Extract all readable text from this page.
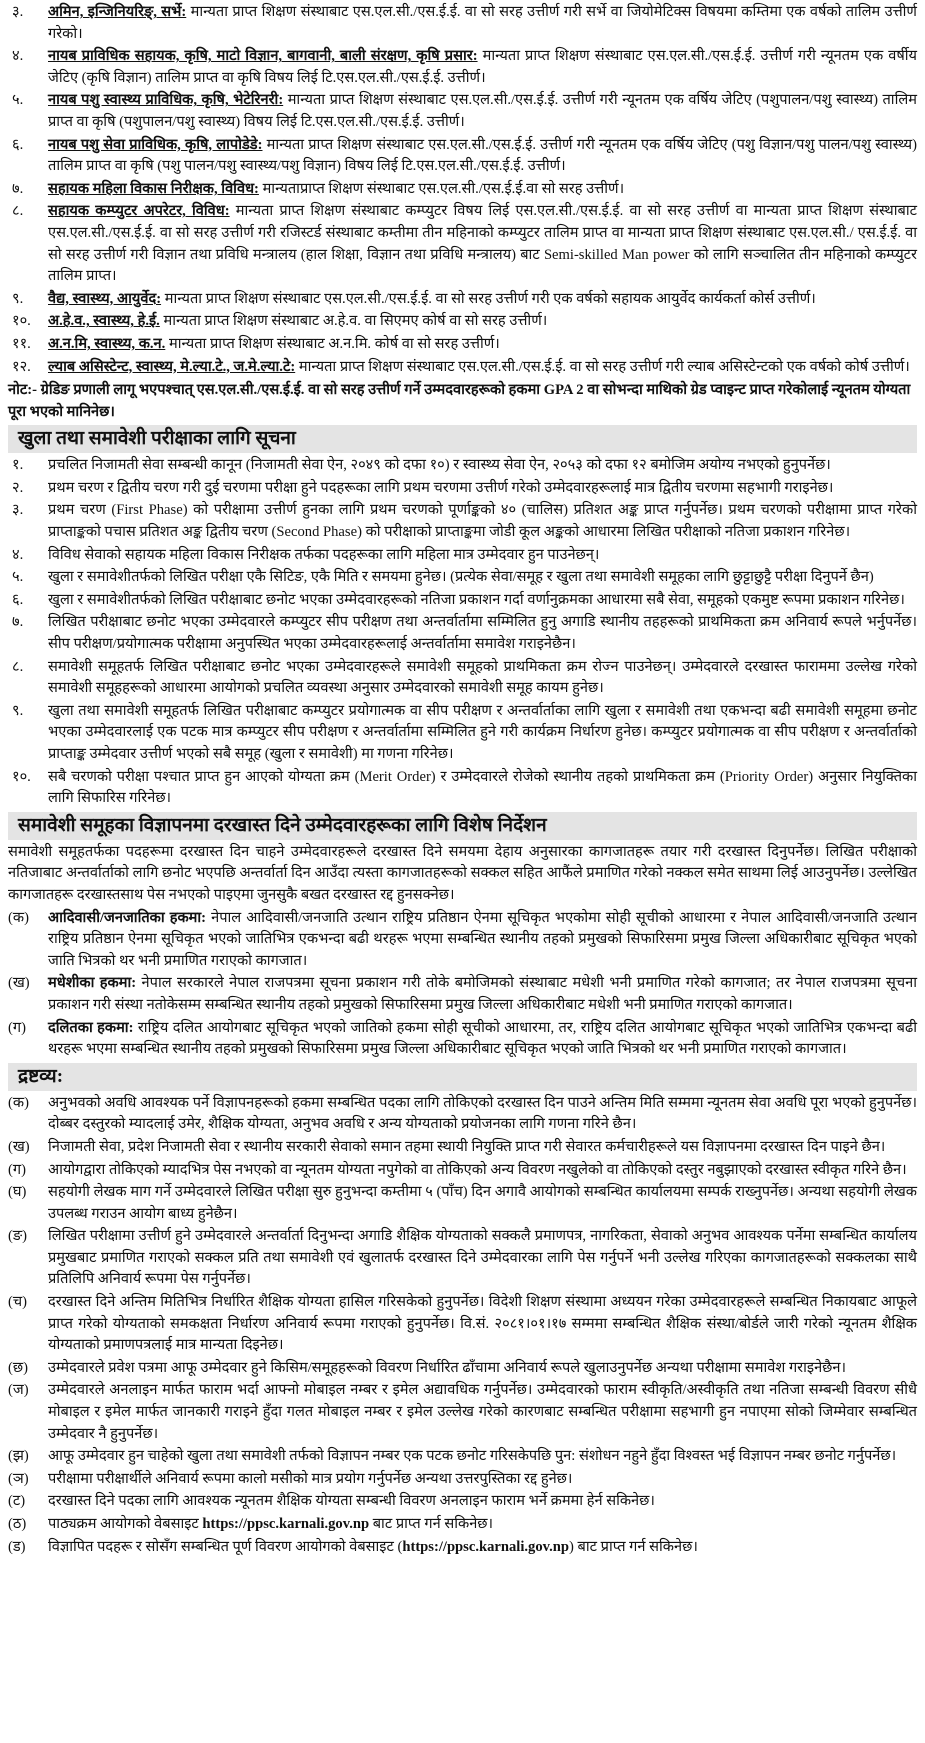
३.	अमिन, इन्जिनियरिङ्, सर्भे: मान्यता प्राप्त शिक्षण संस्थाबाट एस.एल.सी./एस.ई.ई. वा सो सरह उत्तीर्ण गरी सर्भे वा जियोमेटिक्स विषयमा कम्तिमा एक वर्षको तालिम उत्तीर्ण गरेको।
४.	नायब प्राविधिक सहायक, कृषि, माटो विज्ञान, बागवानी, बाली संरक्षण, कृषि प्रसार: मान्यता प्राप्त शिक्षण संस्थाबाट एस.एल.सी./एस.ई.ई. उत्तीर्ण गरी न्यूनतम एक वर्षीय जेटिए (कृषि विज्ञान) तालिम प्राप्त वा कृषि विषय लिई टि.एस.एल.सी./एस.ई.ई. उत्तीर्ण।
५.	नायब पशु स्वास्थ्य प्राविधिक, कृषि, भेटेरिनरी: मान्यता प्राप्त शिक्षण संस्थाबाट एस.एल.सी./एस.ई.ई. उत्तीर्ण गरी न्यूनतम एक वर्षिय जेटिए (पशुपालन/पशु स्वास्थ्य) तालिम प्राप्त वा कृषि (पशुपालन/पशु स्वास्थ्य) विषय लिई टि.एस.एल.सी./एस.ई.ई. उत्तीर्ण।
६.	नायब पशु सेवा प्राविधिक, कृषि, लापोडेडे: मान्यता प्राप्त शिक्षण संस्थाबाट एस.एल.सी./एस.ई.ई. उत्तीर्ण गरी न्यूनतम एक वर्षिय जेटिए (पशु विज्ञान/पशु पालन/पशु स्वास्थ्य) तालिम प्राप्त वा कृषि (पशु पालन/पशु स्वास्थ्य/पशु विज्ञान) विषय लिई टि.एस.एल.सी./एस.ई.ई. उत्तीर्ण।
७.	सहायक महिला विकास निरीक्षक, विविध: मान्यताप्राप्त शिक्षण संस्थाबाट एस.एल.सी./एस.ई.ई.वा सो सरह उत्तीर्ण।
८.	सहायक कम्प्युटर अपरेटर, विविध: मान्यता प्राप्त शिक्षण संस्थाबाट कम्प्युटर विषय लिई एस.एल.सी./एस.ई.ई. वा सो सरह उत्तीर्ण वा मान्यता प्राप्त शिक्षण संस्थाबाट एस.एल.सी./एस.ई.ई. वा सो सरह उत्तीर्ण गरी रजिस्टर्ड संस्थाबाट कम्तीमा तीन महिनाको कम्प्युटर तालिम प्राप्त वा मान्यता प्राप्त शिक्षण संस्थाबाट एस.एल.सी./ एस.ई.ई. वा सो सरह उत्तीर्ण गरी विज्ञान तथा प्रविधि मन्त्रालय (हाल शिक्षा, विज्ञान तथा प्रविधि मन्त्रालय) बाट Semi-skilled Man power को लागि सञ्चालित तीन महिनाको कम्प्युटर तालिम प्राप्त।
९.	वैद्य, स्वास्थ्य, आयुर्वेद: मान्यता प्राप्त शिक्षण संस्थाबाट एस.एल.सी./एस.ई.ई. वा सो सरह उत्तीर्ण गरी एक वर्षको सहायक आयुर्वेद कार्यकर्ता कोर्स उत्तीर्ण।
१०.	अ.हे.व., स्वास्थ्य, हे.ई. मान्यता प्राप्त शिक्षण संस्थाबाट अ.हे.व. वा सिएमए कोर्ष वा सो सरह उत्तीर्ण।
११.	अ.न.मि, स्वास्थ्य, क.न. मान्यता प्राप्त शिक्षण संस्थाबाट अ.न.मि. कोर्ष वा सो सरह उत्तीर्ण।
१२.	ल्याब असिस्टेन्ट, स्वास्थ्य, मे.ल्या.टे., ज.मे.ल्या.टे: मान्यता प्राप्त शिक्षण संस्थाबाट एस.एल.सी./एस.ई.ई. वा सो सरह उत्तीर्ण गरी ल्याब असिस्टेन्टको एक वर्षको कोर्ष उत्तीर्ण।
नोट:- ग्रेडिङ प्रणाली लागू भएपश्चात् एस.एल.सी./एस.ई.ई. वा सो सरह उत्तीर्ण गर्ने उम्मदवारहरूको हकमा GPA 2 वा सोभन्दा माथिको ग्रेड प्वाइन्ट प्राप्त गरेकोलाई न्यूनतम योग्यता पूरा भएको मानिनेछ।
खुला तथा समावेशी परीक्षाका लागि सूचना
१.	प्रचलित निजामती सेवा सम्बन्धी कानून (निजामती सेवा ऐन, २०४९ को दफा १०) र स्वास्थ्य सेवा ऐन, २०५३ को दफा १२ बमोजिम अयोग्य नभएको हुनुपर्नेछ।
२.	प्रथम चरण र द्वितीय चरण गरी दुई चरणमा परीक्षा हुने पदहरूका लागि प्रथम चरणमा उत्तीर्ण गरेको उम्मेदवारहरूलाई मात्र द्वितीय चरणमा सहभागी गराइनेछ।
३.	प्रथम चरण (First Phase) को परीक्षामा उत्तीर्ण हुनका लागि प्रथम चरणको पूर्णाङ्कको ४० (चालिस) प्रतिशत अङ्क प्राप्त गर्नुपर्नेछ। प्रथम चरणको परीक्षामा प्राप्त गरेको प्राप्ताङ्कको पचास प्रतिशत अङ्क द्वितीय चरण (Second Phase) को परीक्षाको प्राप्ताङ्कमा जोडी कूल अङ्कको आधारमा लिखित परीक्षाको नतिजा प्रकाशन गरिनेछ।
४.	विविध सेवाको सहायक महिला विकास निरीक्षक तर्फका पदहरूका लागि महिला मात्र उम्मेदवार हुन पाउनेछन्।
५.	खुला र समावेशीतर्फको लिखित परीक्षा एकै सिटिङ, एकै मिति र समयमा हुनेछ। (प्रत्येक सेवा/समूह र खुला तथा समावेशी समूहका लागि छुट्टाछुट्टै परीक्षा दिनुपर्ने छैन)
६.	खुला र समावेशीतर्फको लिखित परीक्षाबाट छनोट भएका उम्मेदवारहरूको नतिजा प्रकाशन गर्दा वर्णानुक्रमका आधारमा सबै सेवा, समूहको एकमुष्ट रूपमा प्रकाशन गरिनेछ।
७.	लिखित परीक्षाबाट छनोट भएका उम्मेदवारले कम्प्युटर सीप परीक्षण तथा अन्तर्वार्तामा सम्मिलित हुनु अगाडि स्थानीय तहहरूको प्राथमिकता क्रम अनिवार्य रूपले भर्नुपर्नेछ। सीप परीक्षण/प्रयोगात्मक परीक्षामा अनुपस्थित भएका उम्मेदवारहरूलाई अन्तर्वार्तामा समावेश गराइनेछैन।
८.	समावेशी समूहतर्फ लिखित परीक्षाबाट छनोट भएका उम्मेदवारहरूले समावेशी समूहको प्राथमिकता क्रम रोज्न पाउनेछन्। उम्मेदवारले दरखास्त फाराममा उल्लेख गरेको समावेशी समूहहरूको आधारमा आयोगको प्रचलित व्यवस्था अनुसार उम्मेदवारको समावेशी समूह कायम हुनेछ।
९.	खुला तथा समावेशी समूहतर्फ लिखित परीक्षाबाट कम्प्युटर प्रयोगात्मक वा सीप परीक्षण र अन्तर्वार्ताका लागि खुला र समावेशी तथा एकभन्दा बढी समावेशी समूहमा छनोट भएका उम्मेदवारलाई एक पटक मात्र कम्प्युटर सीप परीक्षण र अन्तर्वार्तामा सम्मिलित हुने गरी कार्यक्रम निर्धारण हुनेछ। कम्प्युटर प्रयोगात्मक वा सीप परीक्षण र अन्तर्वार्ताको प्राप्ताङ्क उम्मेदवार उत्तीर्ण भएको सबै समूह (खुला र समावेशी) मा गणना गरिनेछ।
१०.	सबै चरणको परीक्षा पश्चात प्राप्त हुन आएको योग्यता क्रम (Merit Order) र उम्मेदवारले रोजेको स्थानीय तहको प्राथमिकता क्रम (Priority Order) अनुसार नियुक्तिका लागि सिफारिस गरिनेछ।
समावेशी समूहका विज्ञापनमा दरखास्त दिने उम्मेदवारहरूका लागि विशेष निर्देशन
समावेशी समूहतर्फका पदहरूमा दरखास्त दिन चाहने उम्मेदवारहरूले दरखास्त दिने समयमा देहाय अनुसारका कागजातहरू तयार गरी दरखास्त दिनुपर्नेछ। लिखित परीक्षाको नतिजाबाट अन्तर्वार्ताको लागि छनोट भएपछि अन्तर्वार्ता दिन आउँदा त्यस्ता कागजातहरूको सक्कल सहित आफैंले प्रमाणित गरेको नक्कल समेत साथमा लिई आउनुपर्नेछ। उल्लेखित कागजातहरू दरखास्तसाथ पेस नभएको पाइएमा जुनसुकै बखत दरखास्त रद्द हुनसक्नेछ।
(क)	आदिवासी/जनजातिका हकमा: नेपाल आदिवासी/जनजाति उत्थान राष्ट्रिय प्रतिष्ठान ऐनमा सूचिकृत भएकोमा सोही सूचीको आधारमा र नेपाल आदिवासी/जनजाति उत्थान राष्ट्रिय प्रतिष्ठान ऐनमा सूचिकृत भएको जातिभित्र एकभन्दा बढी थरहरू भएमा सम्बन्धित स्थानीय तहको प्रमुखको सिफारिसमा प्रमुख जिल्ला अधिकारीबाट सूचिकृत भएको जाति भित्रको थर भनी प्रमाणित गराएको कागजात।
(ख)	मधेशीका हकमा: नेपाल सरकारले नेपाल राजपत्रमा सूचना प्रकाशन गरी तोके बमोजिमको संस्थाबाट मधेशी भनी प्रमाणित गरेको कागजात; तर नेपाल राजपत्रमा सूचना प्रकाशन गरी संस्था नतोकेसम्म सम्बन्धित स्थानीय तहको प्रमुखको सिफारिसमा प्रमुख जिल्ला अधिकारीबाट मधेशी भनी प्रमाणित गराएको कागजात।
(ग)	दलितका हकमा: राष्ट्रिय दलित आयोगबाट सूचिकृत भएको जातिको हकमा सोही सूचीको आधारमा, तर, राष्ट्रिय दलित आयोगबाट सूचिकृत भएको जातिभित्र एकभन्दा बढी थरहरू भएमा सम्बन्धित स्थानीय तहको प्रमुखको सिफारिसमा प्रमुख जिल्ला अधिकारीबाट सूचिकृत भएको जाति भित्रको थर भनी प्रमाणित गराएको कागजात।
द्रष्टव्य:
(क)	अनुभवको अवधि आवश्यक पर्ने विज्ञापनहरूको हकमा सम्बन्धित पदका लागि तोकिएको दरखास्त दिन पाउने अन्तिम मिति सम्ममा न्यूनतम सेवा अवधि पूरा भएको हुनुपर्नेछ। दोब्बर दस्तुरको म्यादलाई उमेर, शैक्षिक योग्यता, अनुभव अवधि र अन्य योग्यताको प्रयोजनका लागि गणना गरिने छैन।
(ख)	निजामती सेवा, प्रदेश निजामती सेवा र स्थानीय सरकारी सेवाको समान तहमा स्थायी नियुक्ति प्राप्त गरी सेवारत कर्मचारीहरूले यस विज्ञापनमा दरखास्त दिन पाइने छैन।
(ग)	आयोगद्वारा तोकिएको म्यादभित्र पेस नभएको वा न्यूनतम योग्यता नपुगेको वा तोकिएको अन्य विवरण नखुलेको वा तोकिएको दस्तुर नबुझाएको दरखास्त स्वीकृत गरिने छैन।
(घ)	सहयोगी लेखक माग गर्ने उम्मेदवारले लिखित परीक्षा सुरु हुनुभन्दा कम्तीमा ५ (पाँच) दिन अगावै आयोगको सम्बन्धित कार्यालयमा सम्पर्क राख्नुपर्नेछ। अन्यथा सहयोगी लेखक उपलब्ध गराउन आयोग बाध्य हुनेछैन।
(ङ)	लिखित परीक्षामा उत्तीर्ण हुने उम्मेदवारले अन्तर्वार्ता दिनुभन्दा अगाडि शैक्षिक योग्यताको सक्कलै प्रमाणपत्र, नागरिकता, सेवाको अनुभव आवश्यक पर्नेमा सम्बन्धित कार्यालय प्रमुखबाट प्रमाणित गराएको सक्कल प्रति तथा समावेशी एवं खुलातर्फ दरखास्त दिने उम्मेदवारका लागि पेस गर्नुपर्ने भनी उल्लेख गरिएका कागजातहरूको सक्कलका साथै प्रतिलिपि अनिवार्य रूपमा पेस गर्नुपर्नेछ।
(च)	दरखास्त दिने अन्तिम मितिभित्र निर्धारित शैक्षिक योग्यता हासिल गरिसकेको हुनुपर्नेछ। विदेशी शिक्षण संस्थामा अध्ययन गरेका उम्मेदवारहरूले सम्बन्धित निकायबाट आफूले प्राप्त गरेको योग्यताको समकक्षता निर्धारण अनिवार्य रूपमा गराएको हुनुपर्नेछ। वि.सं. २०८१।०१।१७ सम्ममा सम्बन्धित शैक्षिक संस्था/बोर्डले जारी गरेको न्यूनतम शैक्षिक योग्यताको प्रमाणपत्रलाई मात्र मान्यता दिइनेछ।
(छ)	उम्मेदवारले प्रवेश पत्रमा आफू उम्मेदवार हुने किसिम/समूहहरूको विवरण निर्धारित ढाँचामा अनिवार्य रूपले खुलाउनुपर्नेछ अन्यथा परीक्षामा समावेश गराइनेछैन।
(ज)	उम्मेदवारले अनलाइन मार्फत फाराम भर्दा आफ्नो मोबाइल नम्बर र इमेल अद्यावधिक गर्नुपर्नेछ। उम्मेदवारको फाराम स्वीकृति/अस्वीकृति तथा नतिजा सम्बन्धी विवरण सीधै मोबाइल र इमेल मार्फत जानकारी गराइने हुँदा गलत मोबाइल नम्बर र इमेल उल्लेख गरेको कारणबाट सम्बन्धित परीक्षामा सहभागी हुन नपाएमा सोको जिम्मेवार सम्बन्धित उम्मेदवार नै हुनुपर्नेछ।
(झ)	आफू उम्मेदवार हुन चाहेको खुला तथा समावेशी तर्फको विज्ञापन नम्बर एक पटक छनोट गरिसकेपछि पुन: संशोधन नहुने हुँदा विश्वस्त भई विज्ञापन नम्बर छनोट गर्नुपर्नेछ।
(ञ)	परीक्षामा परीक्षार्थीले अनिवार्य रूपमा कालो मसीको मात्र प्रयोग गर्नुपर्नेछ अन्यथा उत्तरपुस्तिका रद्द हुनेछ।
(ट)	दरखास्त दिने पदका लागि आवश्यक न्यूनतम शैक्षिक योग्यता सम्बन्धी विवरण अनलाइन फाराम भर्ने क्रममा हेर्न सकिनेछ।
(ठ)	पाठ्यक्रम आयोगको वेबसाइट https://ppsc.karnali.gov.np बाट प्राप्त गर्न सकिनेछ।
(ड)	विज्ञापित पदहरू र सोसँग सम्बन्धित पूर्ण विवरण आयोगको वेबसाइट (https://ppsc.karnali.gov.np) बाट प्राप्त गर्न सकिनेछ।
